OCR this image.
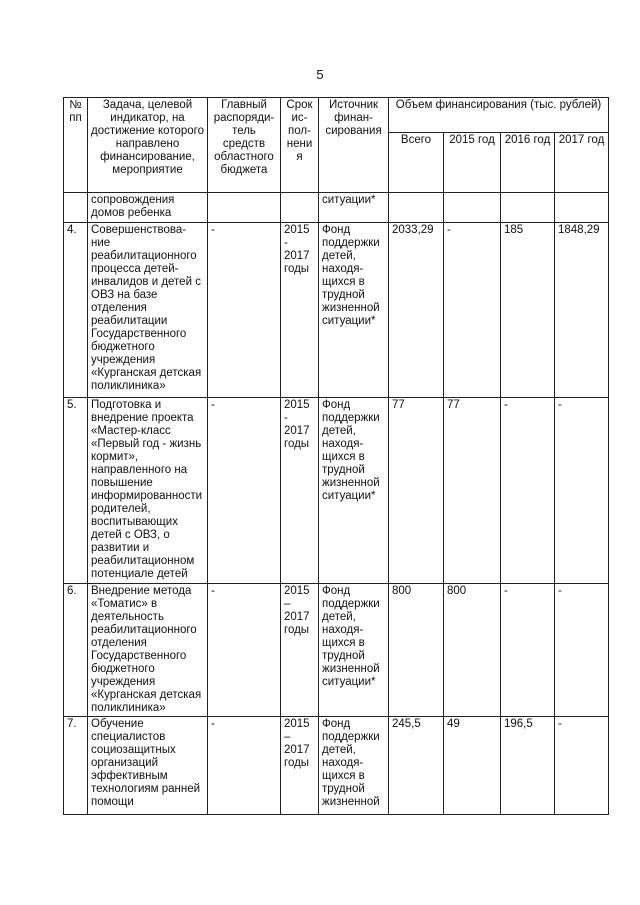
5
№ пп	Задача, целевой индикатор, на достижение которого направлено финансирование, мероприятие	Главный распоряди-тель средств областного бюджета	Срок ис-пол-нения	Источник финан-сирования	Объем финансирования (тыс. рублей)			
					Всего	2015 год	2016 год	2017 год
	сопровождения домов ребенка			ситуации*				
4.	Совершенствова-ние реабилитационного процесса детей-инвалидов и детей с ОВЗ на базе отделения реабилитации Государственного бюджетного учреждения «Курганская детская поликлиника»	-	2015 - 2017 годы	Фонд поддержки детей, находя-щихся в трудной жизненной ситуации*	2033,29	-	185	1848,29
5.	Подготовка и внедрение проекта «Мастер-класс «Первый год - жизнь кормит», направленного на повышение информированности родителей, воспитывающих детей с ОВЗ, о развитии и реабилитационном потенциале детей	-	2015 - 2017 годы	Фонд поддержки детей, находя-щихся в трудной жизненной ситуации*	77	77	-	-
6.	Внедрение метода «Томатис» в деятельность реабилитационного отделения Государственного бюджетного учреждения «Курганская детская поликлиника»	-	2015 – 2017 годы	Фонд поддержки детей, находя-щихся в трудной жизненной ситуации*	800	800	-	-
7.	Обучение специалистов социозащитных организаций эффективным технологиям ранней помощи	-	2015 – 2017 годы	Фонд поддержки детей, находя-щихся в трудной жизненной	245,5	49	196,5	-
